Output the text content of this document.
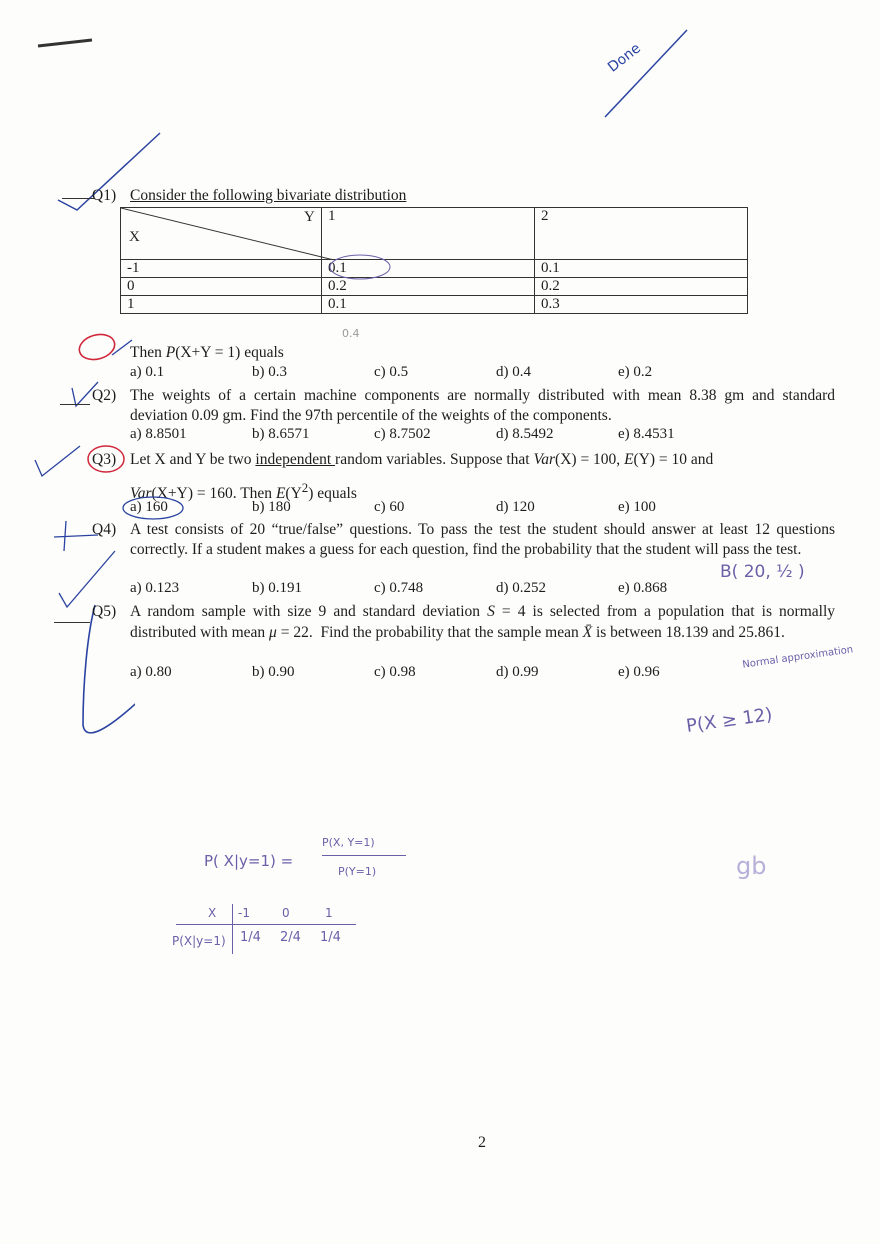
Done
Q1) Consider the following bivariate distribution

Y
X	1	2
-1	0.1	0.1
0	0.2	0.2
1	0.1	0.3
0.4

Then P(X+Y = 1) equals

a) 0.1	b) 0.3	c) 0.5	d) 0.4	e) 0.2
Q2) The weights of a certain machine components are normally distributed with mean 8.38 gm and standard deviation 0.09 gm. Find the 97th percentile of the weights of the components.

a) 8.8501	b) 8.6571	c) 8.7502	d) 8.5492	e) 8.4531
Q3) Let X and Y be two independent random variables. Suppose that Var(X) = 100, E(Y) = 10 and

Var(X+Y) = 160. Then $E(Y^2)$ equals

a) 160	b) 180	c) 60	d) 120	e) 100
Q4) A test consists of 20 “true/false” questions. To pass the test the student should answer at least 12 questions correctly. If a student makes a guess for each question, find the probability that the student will pass the test.

a) 0.123	b) 0.191	c) 0.748	d) 0.252	e) 0.868
B( 20, ½ )
Q5) A random sample with size 9 and standard deviation S = 4 is selected from a population that is normally distributed with mean μ = 22.  Find the probability that the sample mean X̄ is between 18.139 and 25.861.

a) 0.80	b) 0.90	c) 0.98	d) 0.99	e) 0.96
Normal approximation
P(X ≥ 12)
P( X|y=1) =
P(X, Y=1)
P(Y=1)
X -1	0	1
P(X|y=1) 1/4 2/4 1/4
gb
2
